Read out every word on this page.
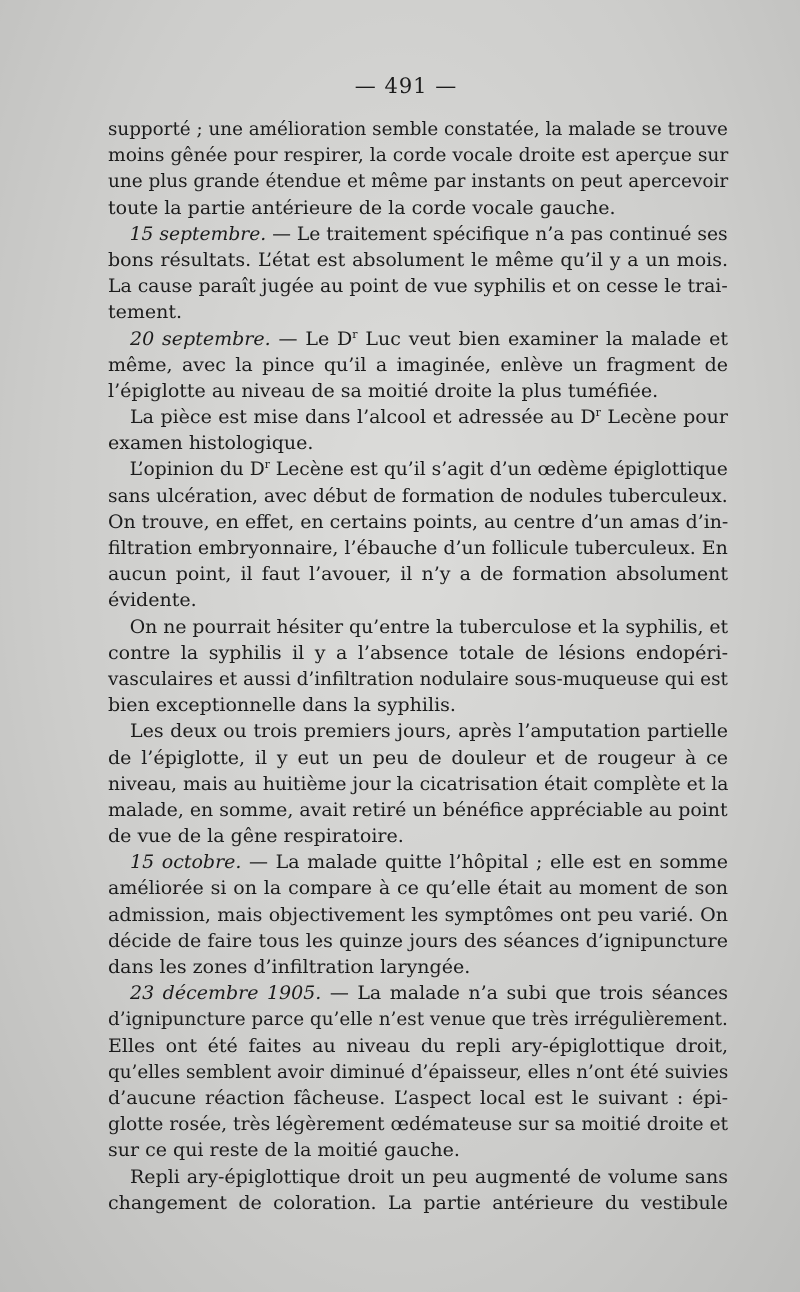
— 491 —
supporté ; une amélioration semble constatée, la malade se trouve
moins gênée pour respirer, la corde vocale droite est aperçue sur
une plus grande étendue et même par instants on peut apercevoir
toute la partie antérieure de la corde vocale gauche.
15 septembre. — Le traitement spécifique n’a pas continué ses
bons résultats. L’état est absolument le même qu’il y a un mois.
La cause paraît jugée au point de vue syphilis et on cesse le trai-
tement.
20 septembre. — Le $D^r$ Luc veut bien examiner la malade et
même, avec la pince qu’il a imaginée, enlève un fragment de
l’épiglotte au niveau de sa moitié droite la plus tuméfiée.
La pièce est mise dans l’alcool et adressée au $D^r$ Lecène pour
examen histologique.
L’opinion du $D^r$ Lecène est qu’il s’agit d’un œdème épiglottique
sans ulcération, avec début de formation de nodules tuberculeux.
On trouve, en effet, en certains points, au centre d’un amas d’in-
filtration embryonnaire, l’ébauche d’un follicule tuberculeux. En
aucun point, il faut l’avouer, il n’y a de formation absolument
évidente.
On ne pourrait hésiter qu’entre la tuberculose et la syphilis, et
contre la syphilis il y a l’absence totale de lésions endopéri-
vasculaires et aussi d’infiltration nodulaire sous-muqueuse qui est
bien exceptionnelle dans la syphilis.
Les deux ou trois premiers jours, après l’amputation partielle
de l’épiglotte, il y eut un peu de douleur et de rougeur à ce
niveau, mais au huitième jour la cicatrisation était complète et la
malade, en somme, avait retiré un bénéfice appréciable au point
de vue de la gêne respiratoire.
15 octobre. — La malade quitte l’hôpital ; elle est en somme
améliorée si on la compare à ce qu’elle était au moment de son
admission, mais objectivement les symptômes ont peu varié. On
décide de faire tous les quinze jours des séances d’ignipuncture
dans les zones d’infiltration laryngée.
23 décembre 1905. — La malade n’a subi que trois séances
d’ignipuncture parce qu’elle n’est venue que très irrégulièrement.
Elles ont été faites au niveau du repli ary-épiglottique droit,
qu’elles semblent avoir diminué d’épaisseur, elles n’ont été suivies
d’aucune réaction fâcheuse. L’aspect local est le suivant : épi-
glotte rosée, très légèrement œdémateuse sur sa moitié droite et
sur ce qui reste de la moitié gauche.
Repli ary-épiglottique droit un peu augmenté de volume sans
changement de coloration. La partie antérieure du vestibule
